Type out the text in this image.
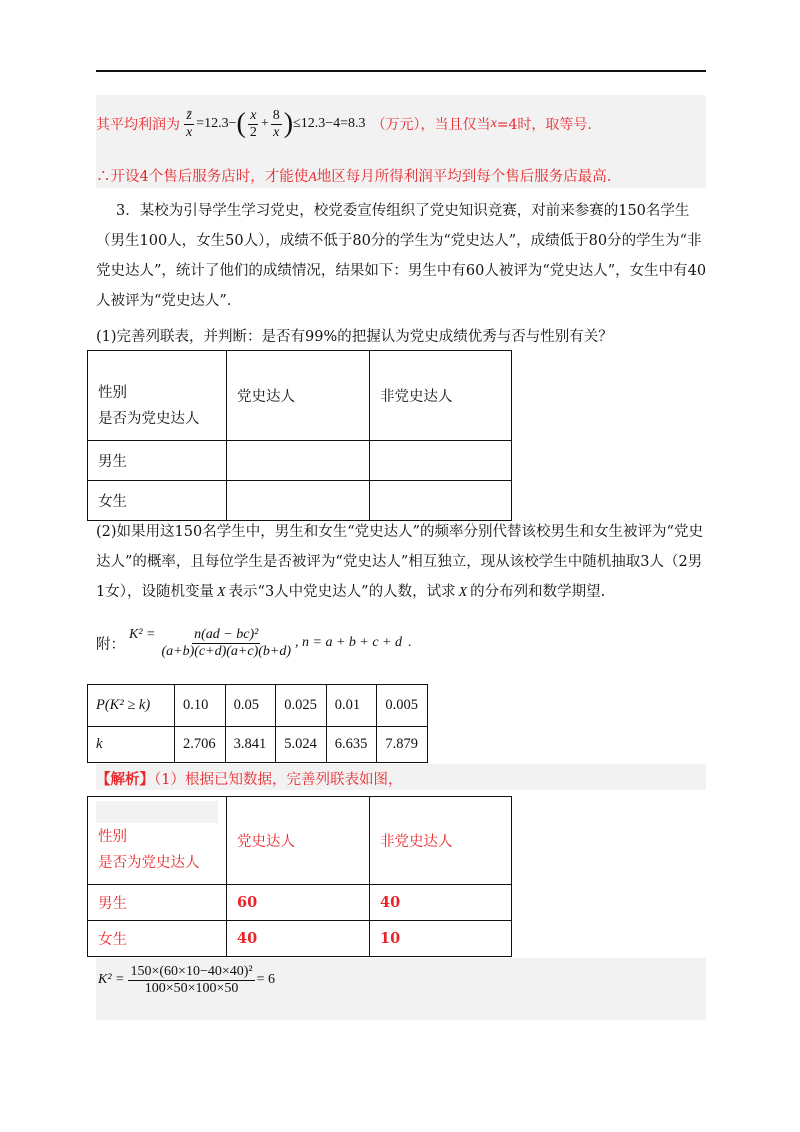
其平均利润为 $\frac{z̄}{x} =12.3-$ ( $\frac{x}{2} + \frac{8}{x}$ ) ≤12.3−4=8.3 （万元），当且仅当 x =4时，取等号.
∴开设4个售后服务店时，才能使A地区每月所得利润平均到每个售后服务店最高.
3．某校为引导学生学习党史，校党委宣传组织了党史知识竞赛，对前来参赛的150名学生（男生100人，女生50人），成绩不低于80分的学生为“党史达人”，成绩低于80分的学生为“非党史达人”，统计了他们的成绩情况，结果如下：男生中有60人被评为“党史达人”，女生中有40人被评为“党史达人”．
(1)完善列联表，并判断：是否有99%的把握认为党史成绩优秀与否与性别有关？
性别
是否为党史达人	党史达人	非党史达人
男生		
女生		
(2)如果用这150名学生中，男生和女生“党史达人”的频率分别代替该校男生和女生被评为“党史达人”的概率，且每位学生是否被评为“党史达人”相互独立，现从该校学生中随机抽取3人（2男1女），设随机变量 X 表示“3人中党史达人”的人数，试求 X 的分布列和数学期望.
附：
$K^2 = \frac{\text{n(ad − bc)²}}{(a+b)(c+d)(a+c)(b+d)}$ , n = a + b + c + d .
P(K² ≥ k)	0.10	0.05	0.025	0.01	0.005
k	2.706	3.841	5.024	6.635	7.879
【解析】（1）根据已知数据，完善列联表如图，
性别
是否为党史达人	党史达人	非党史达人
男生	60	40
女生	40	10
$K^2 = \frac{\text{150×(60×10−40×40)²}}{100\times 50\times 100\times 50} = 6$
